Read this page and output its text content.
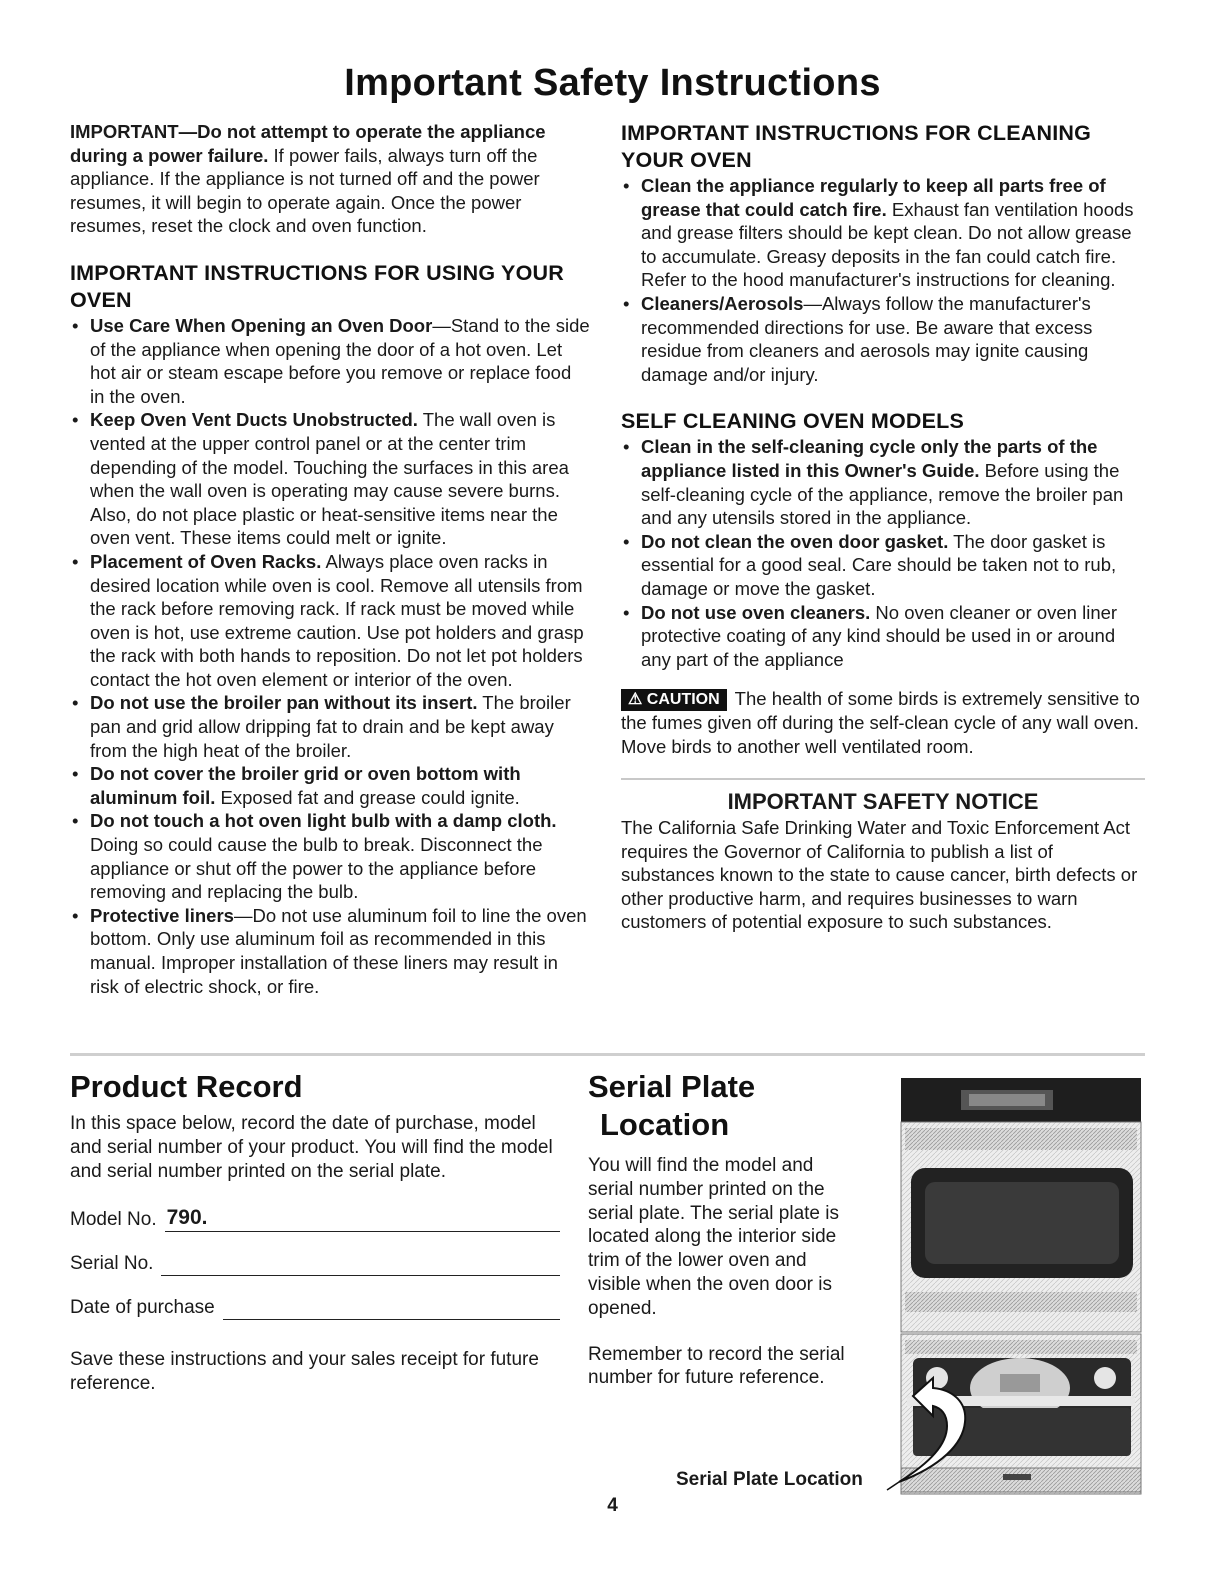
Important Safety Instructions

IMPORTANT—Do not attempt to operate the appliance during a power failure. If power fails, always turn off the appliance. If the appliance is not turned off and the power resumes, it will begin to operate again. Once the power resumes, reset the clock and oven function.

IMPORTANT INSTRUCTIONS FOR USING YOUR OVEN
• Use Care When Opening an Oven Door—Stand to the side of the appliance when opening the door of a hot oven. Let hot air or steam escape before you remove or replace food in the oven.
• Keep Oven Vent Ducts Unobstructed. The wall oven is vented at the upper control panel or at the center trim depending of the model. Touching the surfaces in this area when the wall oven is operating may cause severe burns. Also, do not place plastic or heat-sensitive items near the oven vent. These items could melt or ignite.
• Placement of Oven Racks. Always place oven racks in desired location while oven is cool. Remove all utensils from the rack before removing rack. If rack must be moved while oven is hot, use extreme caution. Use pot holders and grasp the rack with both hands to reposition. Do not let pot holders contact the hot oven element or interior of the oven.
• Do not use the broiler pan without its insert. The broiler pan and grid allow dripping fat to drain and be kept away from the high heat of the broiler.
• Do not cover the broiler grid or oven bottom with aluminum foil. Exposed fat and grease could ignite.
• Do not touch a hot oven light bulb with a damp cloth. Doing so could cause the bulb to break. Disconnect the appliance or shut off the power to the appliance before removing and replacing the bulb.
• Protective liners—Do not use aluminum foil to line the oven bottom. Only use aluminum foil as recommended in this manual. Improper installation of these liners may result in risk of electric shock, or fire.
IMPORTANT INSTRUCTIONS FOR CLEANING YOUR OVEN
• Clean the appliance regularly to keep all parts free of grease that could catch fire. Exhaust fan ventilation hoods and grease filters should be kept clean. Do not allow grease to accumulate. Greasy deposits in the fan could catch fire. Refer to the hood manufacturer's instructions for cleaning.
• Cleaners/Aerosols—Always follow the manufacturer's recommended directions for use. Be aware that excess residue from cleaners and aerosols may ignite causing damage and/or injury.
SELF CLEANING OVEN MODELS
• Clean in the self-cleaning cycle only the parts of the appliance listed in this Owner's Guide. Before using the self-cleaning cycle of the appliance, remove the broiler pan and any utensils stored in the appliance.
• Do not clean the oven door gasket. The door gasket is essential for a good seal. Care should be taken not to rub, damage or move the gasket.
• Do not use oven cleaners. No oven cleaner or oven liner protective coating of any kind should be used in or around any part of the appliance

⚠ CAUTION The health of some birds is extremely sensitive to the fumes given off during the self-clean cycle of any wall oven. Move birds to another well ventilated room.

IMPORTANT SAFETY NOTICE

The California Safe Drinking Water and Toxic Enforcement Act requires the Governor of California to publish a list of substances known to the state to cause cancer, birth defects or other productive harm, and requires businesses to warn customers of potential exposure to such substances.

Product Record

In this space below, record the date of purchase, model and serial number of your product. You will find the model and serial number printed on the serial plate.

Model No. 790.
Serial No.
Date of purchase

Save these instructions and your sales receipt for future reference.

Serial Plate
Location

You will find the model and serial number printed on the serial plate. The serial plate is located along the interior side trim of the lower oven and visible when the oven door is opened.

Remember to record the serial number for future reference.

Serial Plate Location
4
